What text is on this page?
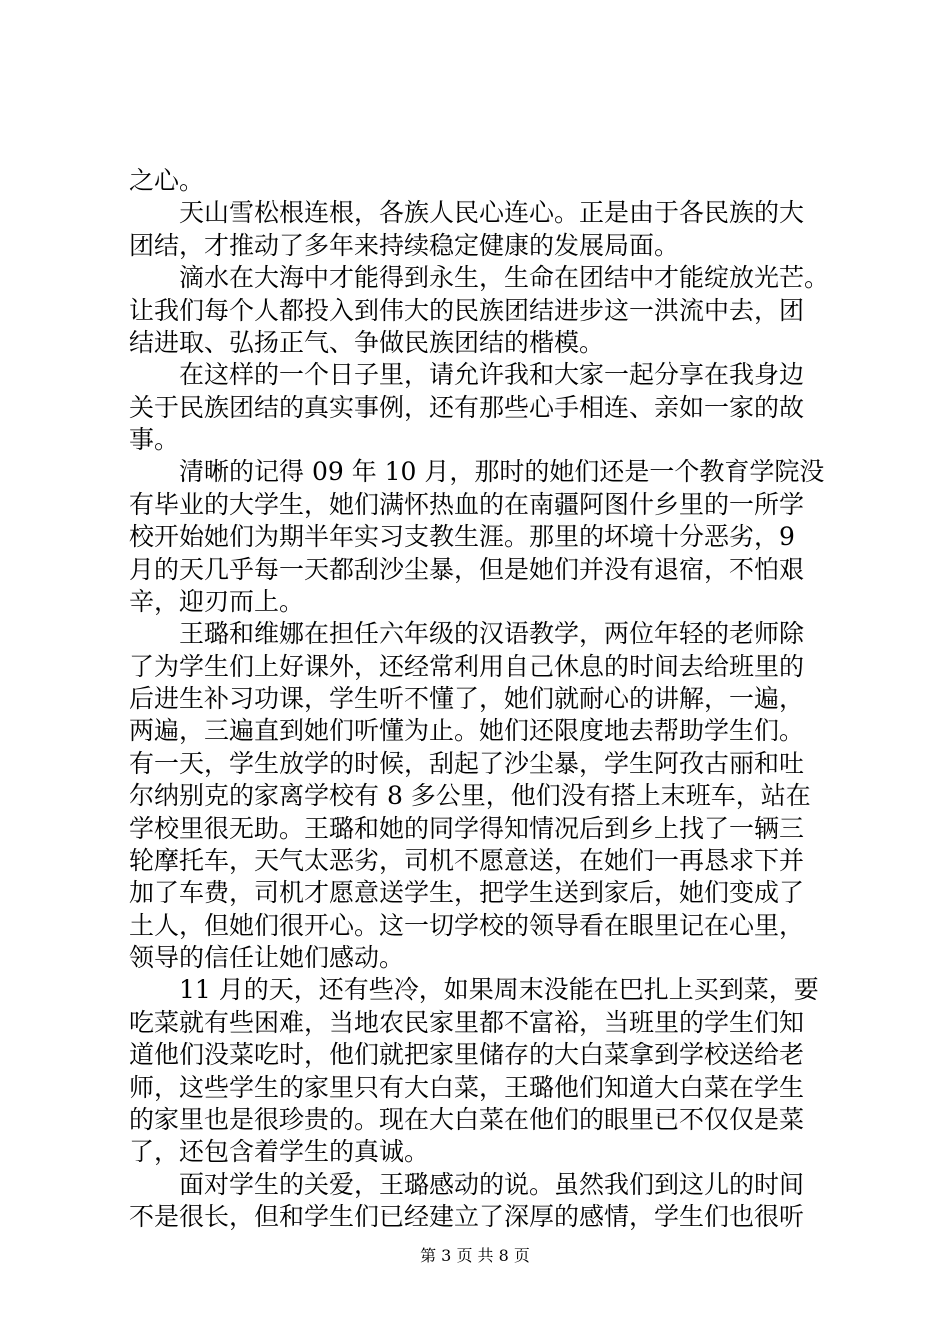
之心。
　　天山雪松根连根，各族人民心连心。正是由于各民族的大
团结，才推动了多年来持续稳定健康的发展局面。
　　滴水在大海中才能得到永生，生命在团结中才能绽放光芒。
让我们每个人都投入到伟大的民族团结进步这一洪流中去，团
结进取、弘扬正气、争做民族团结的楷模。
　　在这样的一个日子里，请允许我和大家一起分享在我身边
关于民族团结的真实事例，还有那些心手相连、亲如一家的故
事。
　　清晰的记得 09 年 10 月，那时的她们还是一个教育学院没
有毕业的大学生，她们满怀热血的在南疆阿图什乡里的一所学
校开始她们为期半年实习支教生涯。那里的坏境十分恶劣，9
月的天几乎每一天都刮沙尘暴，但是她们并没有退宿，不怕艰
辛，迎刃而上。
　　王璐和维娜在担任六年级的汉语教学，两位年轻的老师除
了为学生们上好课外，还经常利用自己休息的时间去给班里的
后进生补习功课，学生听不懂了，她们就耐心的讲解，一遍，
两遍，三遍直到她们听懂为止。她们还限度地去帮助学生们。
有一天，学生放学的时候，刮起了沙尘暴，学生阿孜古丽和吐
尔纳别克的家离学校有 8 多公里，他们没有搭上末班车，站在
学校里很无助。王璐和她的同学得知情况后到乡上找了一辆三
轮摩托车，天气太恶劣，司机不愿意送，在她们一再恳求下并
加了车费，司机才愿意送学生，把学生送到家后，她们变成了
土人，但她们很开心。这一切学校的领导看在眼里记在心里，
领导的信任让她们感动。
　　11 月的天，还有些冷，如果周末没能在巴扎上买到菜，要
吃菜就有些困难，当地农民家里都不富裕，当班里的学生们知
道他们没菜吃时，他们就把家里储存的大白菜拿到学校送给老
师，这些学生的家里只有大白菜，王璐他们知道大白菜在学生
第 3 页 共 8 页
的家里也是很珍贵的。现在大白菜在他们的眼里已不仅仅是菜
了，还包含着学生的真诚。
　　面对学生的关爱，王璐感动的说。虽然我们到这儿的时间
不是很长，但和学生们已经建立了深厚的感情，学生们也很听
